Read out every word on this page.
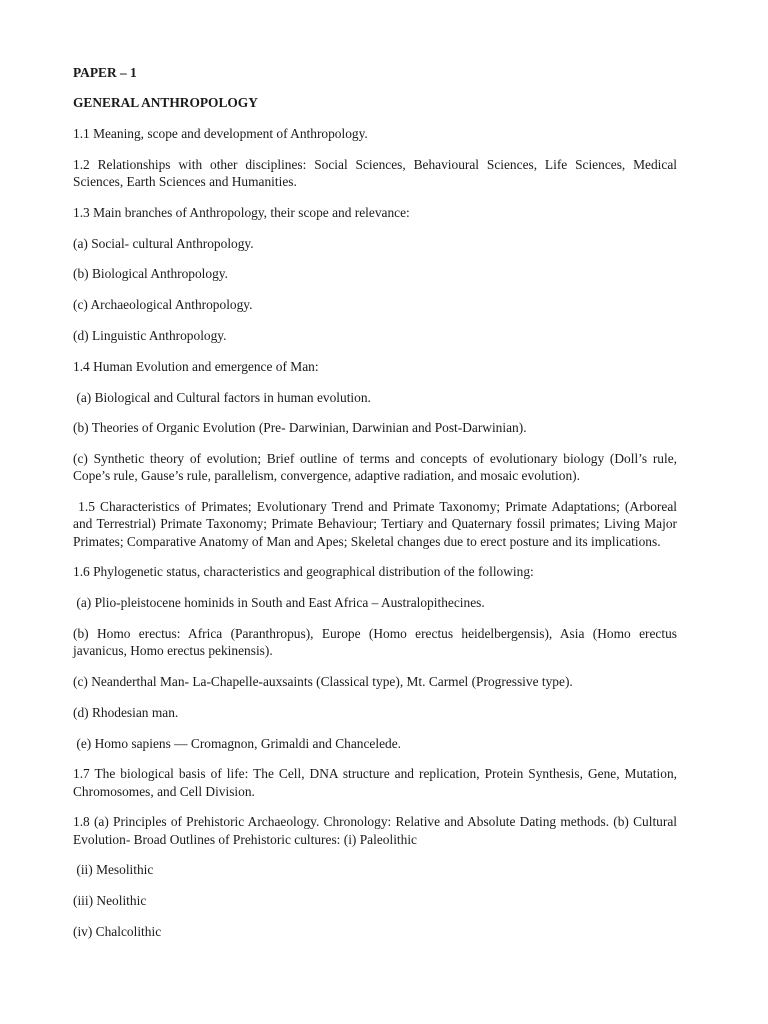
PAPER – 1
GENERAL ANTHROPOLOGY

1.1 Meaning, scope and development of Anthropology.

1.2 Relationships with other disciplines: Social Sciences, Behavioural Sciences, Life Sciences, Medical Sciences, Earth Sciences and Humanities.

1.3 Main branches of Anthropology, their scope and relevance:

(a) Social- cultural Anthropology.

(b) Biological Anthropology.

(c) Archaeological Anthropology.

(d) Linguistic Anthropology.

1.4 Human Evolution and emergence of Man:

(a) Biological and Cultural factors in human evolution.

(b) Theories of Organic Evolution (Pre- Darwinian, Darwinian and Post-Darwinian).

(c) Synthetic theory of evolution; Brief outline of terms and concepts of evolutionary biology (Doll’s rule, Cope’s rule, Gause’s rule, parallelism, convergence, adaptive radiation, and mosaic evolution).

1.5 Characteristics of Primates; Evolutionary Trend and Primate Taxonomy; Primate Adaptations; (Arboreal and Terrestrial) Primate Taxonomy; Primate Behaviour; Tertiary and Quaternary fossil primates; Living Major Primates; Comparative Anatomy of Man and Apes; Skeletal changes due to erect posture and its implications.

1.6 Phylogenetic status, characteristics and geographical distribution of the following:

(a) Plio-pleistocene hominids in South and East Africa – Australopithecines.

(b) Homo erectus: Africa (Paranthropus), Europe (Homo erectus heidelbergensis), Asia (Homo erectus javanicus, Homo erectus pekinensis).

(c) Neanderthal Man- La-Chapelle-auxsaints (Classical type), Mt. Carmel (Progressive type).

(d) Rhodesian man.

(e) Homo sapiens — Cromagnon, Grimaldi and Chancelede.

1.7 The biological basis of life: The Cell, DNA structure and replication, Protein Synthesis, Gene, Mutation, Chromosomes, and Cell Division.

1.8 (a) Principles of Prehistoric Archaeology. Chronology: Relative and Absolute Dating methods. (b) Cultural Evolution- Broad Outlines of Prehistoric cultures: (i) Paleolithic

(ii) Mesolithic

(iii) Neolithic

(iv) Chalcolithic
